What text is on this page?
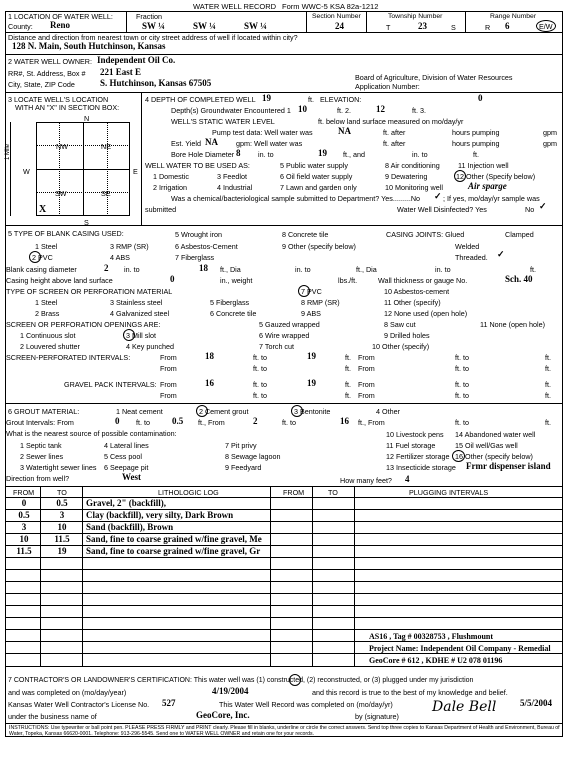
WATER WELL RECORD Form WWC-5 KSA 82a-1212
1 LOCATION OF WATER WELL:
County: Reno
Fraction
SW ¼	SW ¼	SW ¼
Section Number
24
Township Number
T	23	S
Range Number
R 6	E/W
Distance and direction from nearest town or city street address of well if located within city?
128 N. Main, South Hutchinson, Kansas
2 WATER WELL OWNER: Independent Oil Co.
RR#, St. Address, Box # 221 East E
City, State, ZIP Code	S. Hutchinson, Kansas 67505
Board of Agriculture, Division of Water Resources
Application Number:
3 LOCATE WELL'S LOCATION
WITH AN "X" IN SECTION BOX:
N
S
W	E
1 Mile	NW	NE
SW	SE
X
4 DEPTH OF COMPLETED WELL 19	ft. ELEVATION:	0
Depth(s) Groundwater Encountered 1 10	ft. 2.	12	ft. 3.
WELL'S STATIC WATER LEVEL	ft. below land surface measured on mo/day/yr
Pump test data: Well water was	NA	ft. after	hours pumping	gpm
Est. Yield NA	gpm: Well water was	ft. after	hours pumping	gpm
Bore Hole Diameter 8 in. to	19 ft., and	in. to	ft.
WELL WATER TO BE USED AS:	5 Public water supply	8 Air conditioning	11 Injection well
1 Domestic	3 Feedlot	6 Oil field water supply	9 Dewatering	12 Other (Specify below)
2 Irrigation	4 Industrial	7 Lawn and garden only	10 Monitoring well	Air sparge
Was a chemical/bacteriological sample submitted to Department? Yes.........No ✓ ; If yes, mo/day/yr sample was
submitted	Water Well Disinfected? Yes	No ✓
5 TYPE OF BLANK CASING USED:	5 Wrought iron	8 Concrete tile	CASING JOINTS: Glued	Clamped
1 Steel	3 RMP (SR)	6 Asbestos-Cement	9 Other (specify below)	Welded
2 PVC	4 ABS	7 Fiberglass	Threaded. ✓
Blank casing diameter	2 in. to	18 ft., Dia	in. to	ft., Dia	in. to	ft.
Casing height above land surface	0	in., weight	lbs./ft.	Wall thickness or gauge No.	Sch. 40
TYPE OF SCREEN OR PERFORATION MATERIAL	7 PVC	10 Asbestos-cement
1 Steel	3 Stainless steel	5 Fiberglass	8 RMP (SR)	11 Other (specify)
2 Brass	4 Galvanized steel	6 Concrete tile	9 ABS	12 None used (open hole)
SCREEN OR PERFORATION OPENINGS ARE:	5 Gauzed wrapped	8 Saw cut	11 None (open hole)
1 Continuous slot	3 Mill slot	6 Wire wrapped	9 Drilled holes
2 Louvered shutter	4 Key punched	7 Torch cut	10 Other (specify)
SCREEN-PERFORATED INTERVALS:	From	18	ft. to	19	ft. From	ft. to	ft.
From	ft. to	ft. From	ft. to	ft.
GRAVEL PACK INTERVALS: From	16	ft. to	19	ft. From	ft. to	ft.
From	ft. to	ft. From	ft. to	ft.
6 GROUT MATERIAL:	1 Neat cement	2 Cement grout	3 Bentonite	4 Other
Grout Intervals: From	0 ft. to 0.5 ft., From	2	ft. to	16 ft., From	ft. to	ft.
What is the nearest source of possible contamination:	10 Livestock pens 14 Abandoned water well
1 Septic tank	4 Lateral lines	7 Pit privy	11 Fuel storage	15 Oil well/Gas well
2 Sewer lines	5 Cess pool	8 Sewage lagoon	12 Fertilizer storage 16 Other (specify below)
3 Watertight sewer lines 6 Seepage pit	9 Feedyard	13 Insecticide storage Frmr dispenser island
Direction from well?	West	How many feet? 4
FROM	TO	LITHOLOGIC LOG	FROM	TO	PLUGGING INTERVALS
0	0.5	Gravel, 2" (backfill),
0.5	3	Clay (backfill), very silty, Dark Brown
3	10	Sand (backfill), Brown
10	11.5	Sand, fine to coarse grained w/fine gravel, Me
11.5	19	Sand, fine to coarse grained w/fine gravel, Gr
AS16 , Tag # 00328753 , Flushmount
Project Name: Independent Oil Company - Remedial
GeoCore # 612 , KDHE # U2 078 01196
7 CONTRACTOR'S OR LANDOWNER'S CERTIFICATION: This water well was (1) constructed, (2) reconstructed, or (3) plugged under my jurisdiction
and was completed on (mo/day/year)	4/19/2004	and this record is true to the best of my knowledge and belief.
Kansas Water Well Contractor's License No. 527	This Water Well Record was completed on (mo/day/yr)	5/5/2004
under the business name of	GeoCore, Inc.	by (signature)
Dale Bell
INSTRUCTIONS: Use typewriter or ball point pen. PLEASE PRESS FIRMLY and PRINT clearly. Please fill in blanks, underline or circle the correct answers. Send top three copies to Kansas Department of Health and Environment, Bureau of Water, Topeka, Kansas 66620-0001. Telephone: 913-296-5545. Send one to WATER WELL OWNER and retain one for your records.
